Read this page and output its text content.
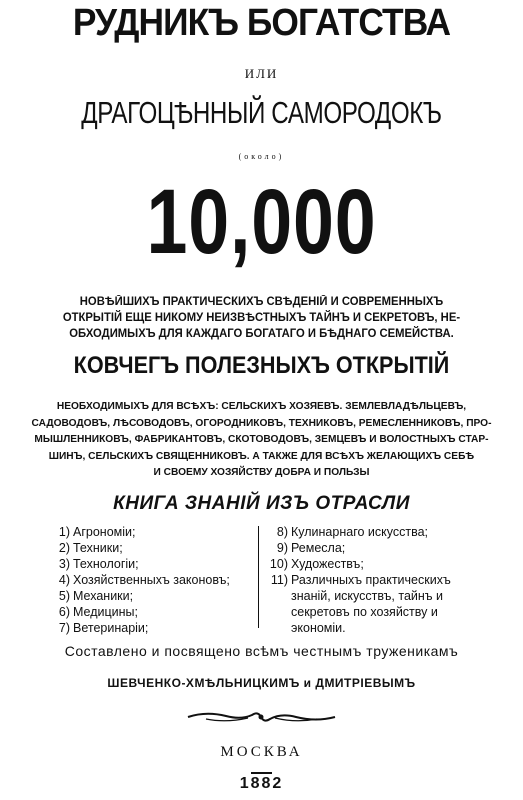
РУДНИКЪ БОГАТСТВА
ИЛИ
ДРАГОЦѢННЫЙ САМОРОДОКЪ
(около)
10,000
НОВѢЙШИХЪ ПРАКТИЧЕСКИХЪ СВѢДЕНІЙ И СОВРЕМЕННЫХЪ
ОТКРЫТІЙ ЕЩЕ НИКОМУ НЕИЗВѢСТНЫХЪ ТАЙНЪ И СЕКРЕТОВЪ, НЕ-
ОБХОДИМЫХЪ ДЛЯ КАЖДАГО БОГАТАГО И БѢДНАГО СЕМЕЙСТВА.
КОВЧЕГЪ ПОЛЕЗНЫХЪ ОТКРЫТІЙ
НЕОБХОДИМЫХЪ ДЛЯ ВСѢХЪ: СЕЛЬСКИХЪ ХОЗЯЕВЪ. ЗЕМЛЕВЛАДѢЛЬЦЕВЪ,
САДОВОДОВЪ, ЛѢСОВОДОВЪ, ОГОРОДНИКОВЪ, ТЕХНИКОВЪ, РЕМЕСЛЕННИКОВЪ, ПРО-
МЫШЛЕННИКОВЪ, ФАБРИКАНТОВЪ, СКОТОВОДОВЪ, ЗЕМЦЕВЪ И ВОЛОСТНЫХЪ СТАР-
ШИНЪ, СЕЛЬСКИХЪ СВЯЩЕННИКОВЪ. А ТАКЖЕ ДЛЯ ВСѢХЪ ЖЕЛАЮЩИХЪ СЕБѢ
И СВОЕМУ ХОЗЯЙСТВУ ДОБРА И ПОЛЬЗЫ
КНИГА ЗНАНІЙ ИЗЪ ОТРАСЛИ
1) Агрономіи;
2) Техники;
3) Технологіи;
4) Хозяйственныхъ законовъ;
5) Механики;
6) Медицины;
7) Ветеринаріи;
8) Кулинарнаго искусства;
9) Ремесла;
10) Художествъ;
11) Различныхъ практическихъ
знаній, искусствъ, тайнъ и
секретовъ по хозяйству и
экономіи.
Составлено и посвящено всѣмъ честнымъ труженикамъ
ШЕВЧЕНКО-ХМѢЛЬНИЦКИМЪ и ДМИТРІЕВЫМЪ
МОСКВА
1882
